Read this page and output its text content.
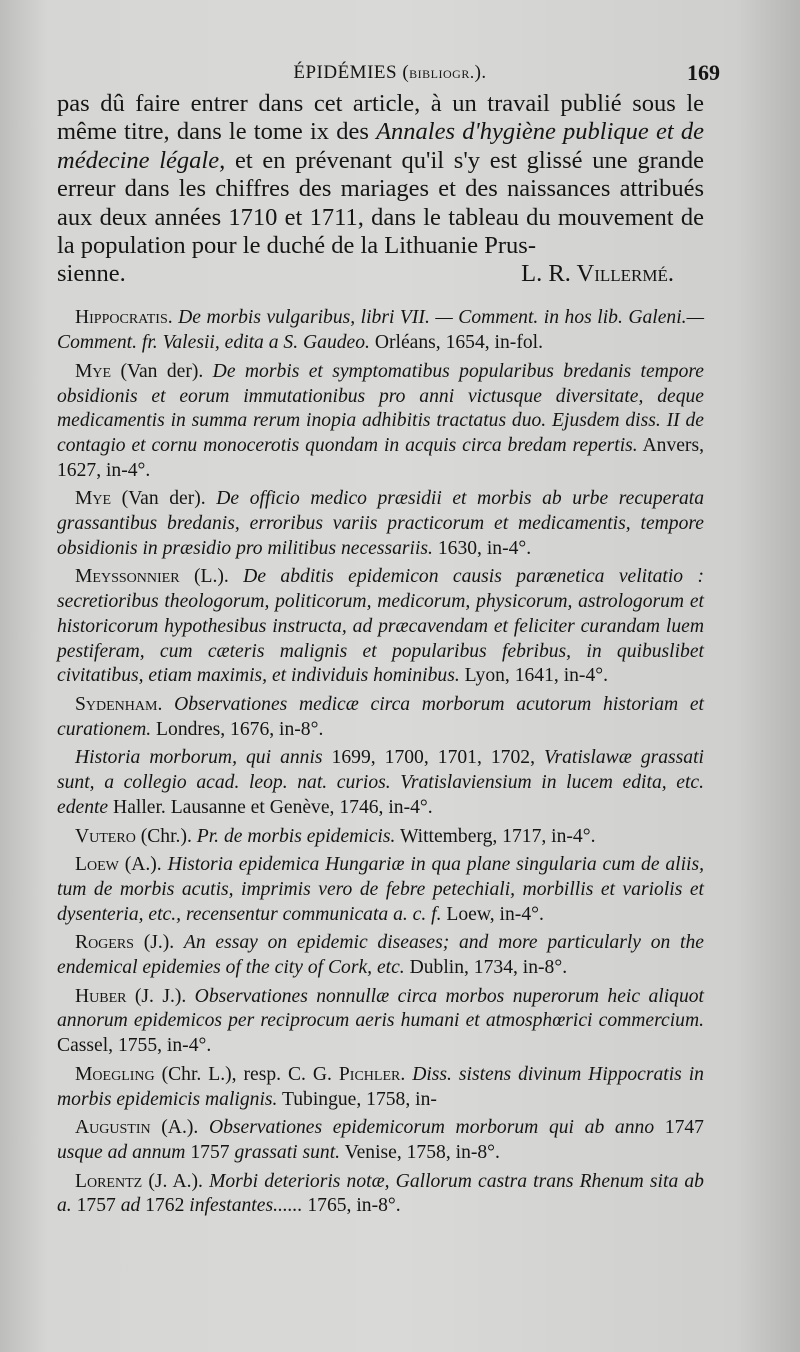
ÉPIDÉMIES (bibliogr.).	169

pas dû faire entrer dans cet article, à un travail publié sous le même titre, dans le tome ix des Annales d'hygiène publique et de médecine légale, et en prévenant qu'il s'y est glissé une grande erreur dans les chiffres des mariages et des naissances attribués aux deux années 1710 et 1711, dans le tableau du mouvement de la population pour le duché de la Lithuanie Prus-

sienne.	L. R. Villermé.

Hippocratis. De morbis vulgaribus, libri VII. — Comment. in hos lib. Galeni.— Comment. fr. Valesii, edita a S. Gaudeo. Orléans, 1654, in-fol.

Mye (Van der). De morbis et symptomatibus popularibus bredanis tempore obsidionis et eorum immutationibus pro anni victusque diversitate, deque medicamentis in summa rerum inopia adhibitis tractatus duo. Ejusdem diss. II de contagio et cornu monocerotis quondam in acquis circa bredam repertis. Anvers, 1627, in-4°.

Mye (Van der). De officio medico præsidii et morbis ab urbe recuperata grassantibus bredanis, erroribus variis practicorum et medicamentis, tempore obsidionis in præsidio pro militibus necessariis. 1630, in-4°.

Meyssonnier (L.). De abditis epidemicon causis parænetica velitatio : secretioribus theologorum, politicorum, medicorum, physicorum, astrologorum et historicorum hypothesibus instructa, ad præcavendam et feliciter curandam luem pestiferam, cum cæteris malignis et popularibus febribus, in quibuslibet civitatibus, etiam maximis, et individuis hominibus. Lyon, 1641, in-4°.

Sydenham. Observationes medicæ circa morborum acutorum historiam et curationem. Londres, 1676, in-8°.

Historia morborum, qui annis 1699, 1700, 1701, 1702, Vratislawæ grassati sunt, a collegio acad. leop. nat. curios. Vratislaviensium in lucem edita, etc. edente Haller. Lausanne et Genève, 1746, in-4°.

Vutero (Chr.). Pr. de morbis epidemicis. Wittemberg, 1717, in-4°.

Loew (A.). Historia epidemica Hungariæ in qua plane singularia cum de aliis, tum de morbis acutis, imprimis vero de febre petechiali, morbillis et variolis et dysenteria, etc., recensentur communicata a. c. f. Loew, in-4°.

Rogers (J.). An essay on epidemic diseases; and more particularly on the endemical epidemies of the city of Cork, etc. Dublin, 1734, in-8°.

Huber (J. J.). Observationes nonnullæ circa morbos nuperorum heic aliquot annorum epidemicos per reciprocum aeris humani et atmosphœrici commercium. Cassel, 1755, in-4°.

Moegling (Chr. L.), resp. C. G. Pichler. Diss. sistens divinum Hippocratis in morbis epidemicis malignis. Tubingue, 1758, in-

Augustin (A.). Observationes epidemicorum morborum qui ab anno 1747 usque ad annum 1757 grassati sunt. Venise, 1758, in-8°.

Lorentz (J. A.). Morbi deterioris notæ, Gallorum castra trans Rhenum sita ab a. 1757 ad 1762 infestantes...... 1765, in-8°.
